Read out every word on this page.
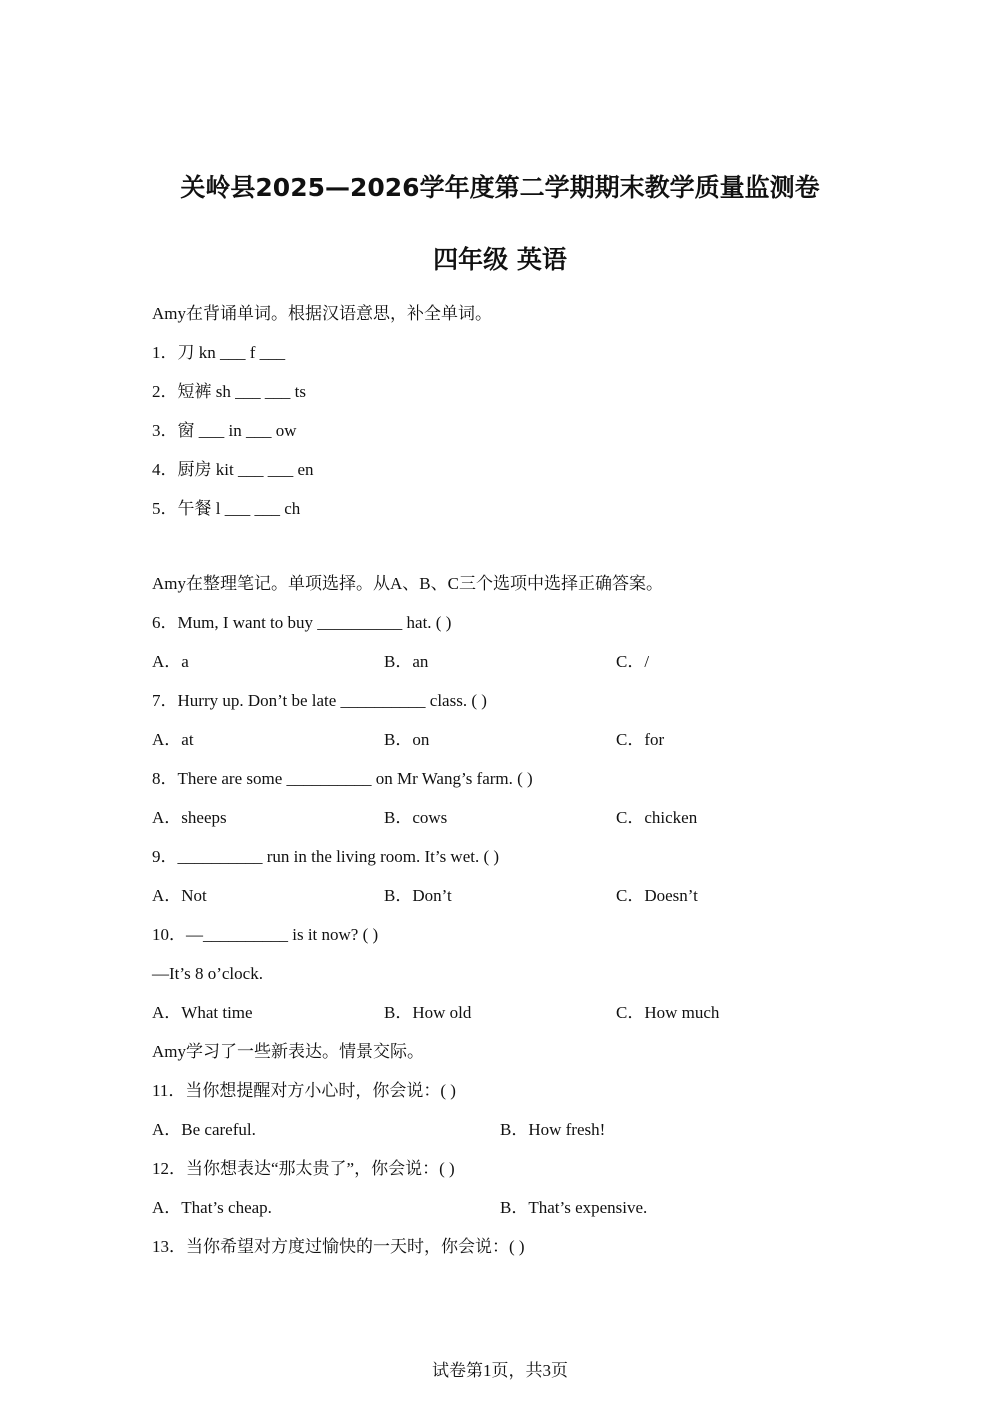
关岭县2025—2026学年度第二学期期末教学质量监测卷
四年级 英语
Amy在背诵单词。根据汉语意思，补全单词。
1．刀 kn ___ f ___
2．短裤 sh ___ ___ ts
3．窗 ___ in ___ ow
4．厨房 kit ___ ___ en
5．午餐 l ___ ___ ch
Amy在整理笔记。单项选择。从A、B、C三个选项中选择正确答案。
6．Mum, I want to buy __________ hat. ( )
A．a	B．an	C．/
7．Hurry up. Don’t be late __________ class. ( )
A．at	B．on	C．for
8．There are some __________ on Mr Wang’s farm. ( )
A．sheeps	B．cows	C．chicken
9．__________ run in the living room. It’s wet. ( )
A．Not	B．Don’t	C．Doesn’t
10．—__________ is it now? ( )
—It’s 8 o’clock.
A．What time	B．How old	C．How much
Amy学习了一些新表达。情景交际。
11．当你想提醒对方小心时，你会说：( )
A．Be careful.	B．How fresh!
12．当你想表达“那太贵了”，你会说：( )
A．That’s cheap.	B．That’s expensive.
13．当你希望对方度过愉快的一天时，你会说：( )
试卷第1页，共3页
